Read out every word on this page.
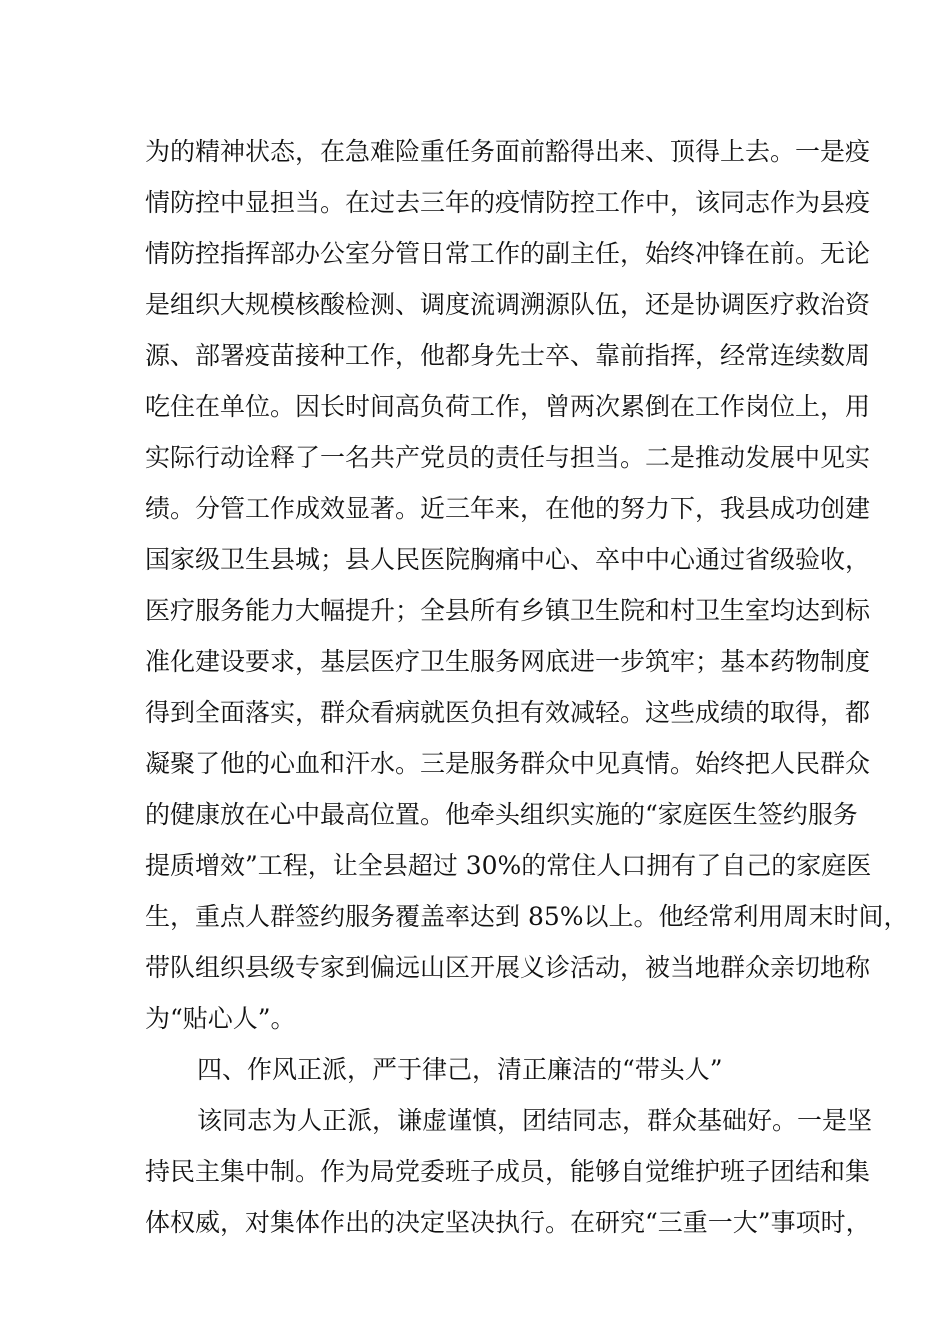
为的精神状态，在急难险重任务面前豁得出来、顶得上去。一是疫
情防控中显担当。在过去三年的疫情防控工作中，该同志作为县疫
情防控指挥部办公室分管日常工作的副主任，始终冲锋在前。无论
是组织大规模核酸检测、调度流调溯源队伍，还是协调医疗救治资
源、部署疫苗接种工作，他都身先士卒、靠前指挥，经常连续数周
吃住在单位。因长时间高负荷工作，曾两次累倒在工作岗位上，用
实际行动诠释了一名共产党员的责任与担当。二是推动发展中见实
绩。分管工作成效显著。近三年来，在他的努力下，我县成功创建
国家级卫生县城；县人民医院胸痛中心、卒中中心通过省级验收，
医疗服务能力大幅提升；全县所有乡镇卫生院和村卫生室均达到标
准化建设要求，基层医疗卫生服务网底进一步筑牢；基本药物制度
得到全面落实，群众看病就医负担有效减轻。这些成绩的取得，都
凝聚了他的心血和汗水。三是服务群众中见真情。始终把人民群众
的健康放在心中最高位置。他牵头组织实施的“家庭医生签约服务
提质增效”工程，让全县超过 30%的常住人口拥有了自己的家庭医
生，重点人群签约服务覆盖率达到 85%以上。他经常利用周末时间，
带队组织县级专家到偏远山区开展义诊活动，被当地群众亲切地称
为“贴心人”。
四、作风正派，严于律己，清正廉洁的“带头人”
该同志为人正派，谦虚谨慎，团结同志，群众基础好。一是坚
持民主集中制。作为局党委班子成员，能够自觉维护班子团结和集
体权威，对集体作出的决定坚决执行。在研究“三重一大”事项时，
